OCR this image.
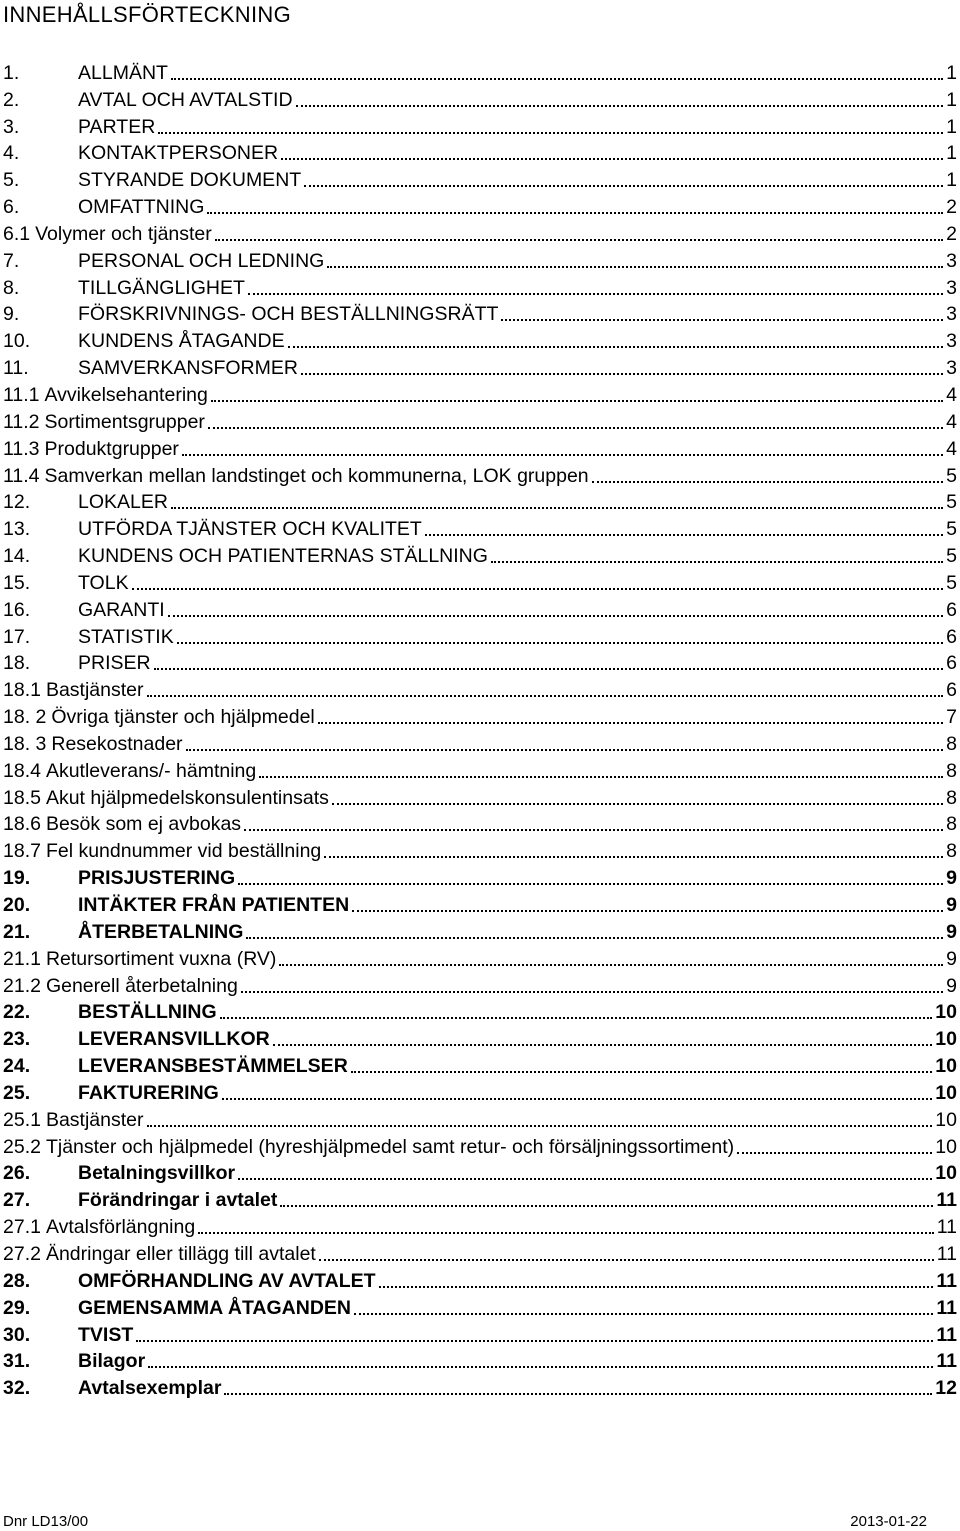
INNEHÅLLSFÖRTECKNING
1.	ALLMÄNT	1
2.	AVTAL OCH AVTALSTID	1
3.	PARTER	1
4.	KONTAKTPERSONER	1
5.	STYRANDE DOKUMENT	1
6.	OMFATTNING	2
6.1 Volymer och tjänster	2
7.	PERSONAL OCH LEDNING	3
8.	TILLGÄNGLIGHET	3
9.	FÖRSKRIVNINGS- OCH BESTÄLLNINGSRÄTT	3
10.	KUNDENS ÅTAGANDE	3
11.	SAMVERKANSFORMER	3
11.1 Avvikelsehantering	4
11.2 Sortimentsgrupper	4
11.3 Produktgrupper	4
11.4 Samverkan mellan landstinget och kommunerna, LOK gruppen	5
12.	LOKALER	5
13.	UTFÖRDA TJÄNSTER OCH KVALITET	5
14.	KUNDENS OCH PATIENTERNAS STÄLLNING	5
15.	TOLK	5
16.	GARANTI	6
17.	STATISTIK	6
18.	PRISER	6
18.1 Bastjänster	6
18. 2 Övriga tjänster och hjälpmedel	7
18. 3 Resekostnader	8
18.4 Akutleverans/- hämtning	8
18.5 Akut hjälpmedelskonsulentinsats	8
18.6 Besök som ej avbokas	8
18.7 Fel kundnummer vid beställning	8
19.	PRISJUSTERING	9
20.	INTÄKTER FRÅN PATIENTEN	9
21.	ÅTERBETALNING	9
21.1 Retursortiment vuxna (RV)	9
21.2 Generell återbetalning	9
22.	BESTÄLLNING	10
23.	LEVERANSVILLKOR	10
24.	LEVERANSBESTÄMMELSER	10
25.	FAKTURERING	10
25.1 Bastjänster	10
25.2 Tjänster och hjälpmedel (hyreshjälpmedel samt retur- och försäljningssortiment)	10
26.	Betalningsvillkor	10
27.	Förändringar i avtalet	11
27.1 Avtalsförlängning	11
27.2 Ändringar eller tillägg till avtalet	11
28.	OMFÖRHANDLING AV AVTALET	11
29.	GEMENSAMMA ÅTAGANDEN	11
30.	TVIST	11
31.	Bilagor	11
32.	Avtalsexemplar	12
Dnr LD13/00	2013-01-22
